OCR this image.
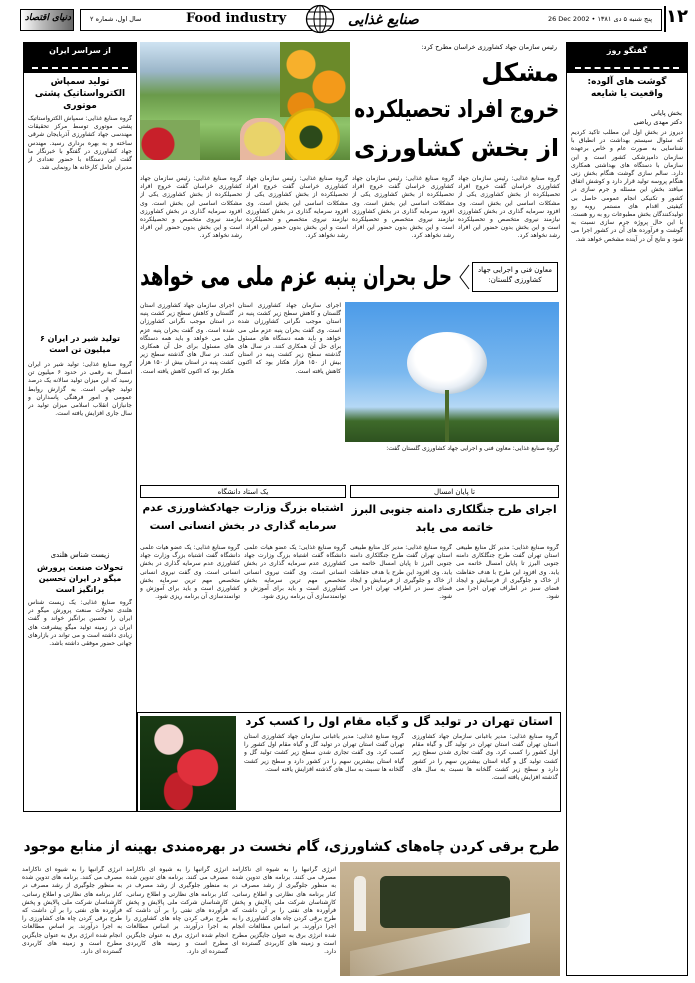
۱۲
26 Dec 2002 • ۱۳۸۱ پنج شنبه ۵ دی
صنایع غذایی
Food industry
سال اول، شماره ۲
دنیای اقتصاد
از سراسر ایران
تولید سمپاش الکترواستاتیک پشتی موتوری
گروه صنایع غذایی: سمپاش الکترواستاتیک پشتی موتوری توسط مرکز تحقیقات مهندسی جهاد کشاورزی آذربایجان شرقی ساخته و به بهره برداری رسید. مهندس جهاد کشاورزی در گفتگو با خبرنگار ما گفت این دستگاه با حضور تعدادی از مدیران عامل کارخانه ها رونمایی شد.
تولید شیر در ایران ۶ میلیون تن است
گروه صنایع غذایی: تولید شیر در ایران امسال به رقمی در حدود ۶ میلیون تن رسید که این میزان تولید سالانه یک درصد تولید جهانی است. به گزارش روابط عمومی و امور فرهنگی پاسداران و جانبازان انقلاب اسلامی میزان تولید در سال جاری افزایش یافته است.
زیست شناس هلندی
تحولات صنعت پرورش میگو در ایران تحسین برانگیز است
گروه صنایع غذایی: یک زیست شناس هلندی تحولات صنعت پرورش میگو در ایران را تحسین برانگیز خواند و گفت ایران در زمینه تولید میگو پیشرفت های زیادی داشته است و می تواند در بازارهای جهانی حضور موفقی داشته باشد.
گفتگو روز
گوشت های آلوده: واقعیت یا شایعه
بخش پایانی
دکتر مهدی ریاضی
دیروز در بخش اول این مطلب تاکید کردیم که سئوال سیستم بهداشت در انطباق با شناسایی به صورت عام و خاص برعهده سازمان دامپزشکی کشور است و این سازمان با دستگاه های بهداشتی همکاری دارد. سالم سازی گوشت هنگام بخش زنی هنگام پروسه تولید قرار دارد و کوشش اتفاق میافتد بخش این مسئله و جرم سازی در کشور و تکنیکی انجام عمومی حاصل بی کیفیتی اقدام های مستمر روبه رو تولیدکنندگان بخش مطبوعات رو به رو هست. با این حال پروژه جرم سازی نسبت به گوشت و فرآورده های آن در کشور اجرا می شود و نتایج آن در آینده مشخص خواهد شد.
رئیس سازمان جهاد کشاورزی خراسان مطرح کرد:
مشکل
خروج افراد تحصیلکرده
از بخش کشاورزی
گروه صنایع غذایی: رئیس سازمان جهاد کشاورزی خراسان گفت خروج افراد تحصیلکرده از بخش کشاورزی یکی از مشکلات اساسی این بخش است. وی افزود سرمایه گذاری در بخش کشاورزی نیازمند نیروی متخصص و تحصیلکرده است و این بخش بدون حضور این افراد رشد نخواهد کرد.
گروه صنایع غذایی: رئیس سازمان جهاد کشاورزی خراسان گفت خروج افراد تحصیلکرده از بخش کشاورزی یکی از مشکلات اساسی این بخش است. وی افزود سرمایه گذاری در بخش کشاورزی نیازمند نیروی متخصص و تحصیلکرده است و این بخش بدون حضور این افراد رشد نخواهد کرد.
گروه صنایع غذایی: رئیس سازمان جهاد کشاورزی خراسان گفت خروج افراد تحصیلکرده از بخش کشاورزی یکی از مشکلات اساسی این بخش است. وی افزود سرمایه گذاری در بخش کشاورزی نیازمند نیروی متخصص و تحصیلکرده است و این بخش بدون حضور این افراد رشد نخواهد کرد.
گروه صنایع غذایی: رئیس سازمان جهاد کشاورزی خراسان گفت خروج افراد تحصیلکرده از بخش کشاورزی یکی از مشکلات اساسی این بخش است. وی افزود سرمایه گذاری در بخش کشاورزی نیازمند نیروی متخصص و تحصیلکرده است و این بخش بدون حضور این افراد رشد نخواهد کرد.
معاون فنی و اجرایی جهاد کشاورزی گلستان:
حل بحران پنبه عزم ملی می خواهد
گروه صنایع غذایی: معاون فنی و اجرایی جهاد کشاورزی گلستان گفت:
اجرای سازمان جهاد کشاورزی استان گلستان و کاهش سطح زیر کشت پنبه در استان موجب نگرانی کشاورزان شده است. وی گفت بحران پنبه عزم ملی می خواهد و باید همه دستگاه های مسئول برای حل آن همکاری کنند. در سال های گذشته سطح زیر کشت پنبه در استان بیش از ۱۵۰ هزار هکتار بود که اکنون کاهش یافته است.
اجرای سازمان جهاد کشاورزی استان گلستان و کاهش سطح زیر کشت پنبه در استان موجب نگرانی کشاورزان شده است. وی گفت بحران پنبه عزم ملی می خواهد و باید همه دستگاه های مسئول برای حل آن همکاری کنند. در سال های گذشته سطح زیر کشت پنبه در استان بیش از ۱۵۰ هزار هکتار بود که اکنون کاهش یافته است.
تا پایان امسال
اجرای طرح جنگلکاری دامنه جنوبی البرز
خاتمه می یابد
گروه صنایع غذایی: مدیر کل منابع طبیعی استان تهران گفت طرح جنگلکاری دامنه جنوبی البرز تا پایان امسال خاتمه می یابد. وی افزود این طرح با هدف حفاظت از خاک و جلوگیری از فرسایش و ایجاد فضای سبز در اطراف تهران اجرا می شود.
گروه صنایع غذایی: مدیر کل منابع طبیعی استان تهران گفت طرح جنگلکاری دامنه جنوبی البرز تا پایان امسال خاتمه می یابد. وی افزود این طرح با هدف حفاظت از خاک و جلوگیری از فرسایش و ایجاد فضای سبز در اطراف تهران اجرا می شود.
یک استاد دانشگاه
اشتباه بزرگ وزارت جهادکشاورزی عدم
سرمایه گذاری در بخش انسانی است
گروه صنایع غذایی: یک عضو هیات علمی دانشگاه گفت اشتباه بزرگ وزارت جهاد کشاورزی عدم سرمایه گذاری در بخش انسانی است. وی گفت نیروی انسانی متخصص مهم ترین سرمایه بخش کشاورزی است و باید برای آموزش و توانمندسازی آن برنامه ریزی شود.
گروه صنایع غذایی: یک عضو هیات علمی دانشگاه گفت اشتباه بزرگ وزارت جهاد کشاورزی عدم سرمایه گذاری در بخش انسانی است. وی گفت نیروی انسانی متخصص مهم ترین سرمایه بخش کشاورزی است و باید برای آموزش و توانمندسازی آن برنامه ریزی شود.
استان تهران در تولید گل و گیاه مقام اول را کسب کرد
گروه صنایع غذایی: مدیر باغبانی سازمان جهاد کشاورزی استان تهران گفت استان تهران در تولید گل و گیاه مقام اول کشور را کسب کرد. وی گفت تجاری شدن سطح زیر کشت تولید گل و گیاه استان بیشترین سهم را در کشور دارد و سطح زیر کشت گلخانه ها نسبت به سال های گذشته افزایش یافته است.
گروه صنایع غذایی: مدیر باغبانی سازمان جهاد کشاورزی استان تهران گفت استان تهران در تولید گل و گیاه مقام اول کشور را کسب کرد. وی گفت تجاری شدن سطح زیر کشت تولید گل و گیاه استان بیشترین سهم را در کشور دارد و سطح زیر کشت گلخانه ها نسبت به سال های گذشته افزایش یافته است.
طرح برقی کردن چاه‌های کشاورزی، گام نخست در بهره‌مندی بهینه از منابع موجود
انرژی گرانبها را به شیوه ای ناکارآمد مصرف می کنند. برنامه های تدوین شده به منظور جلوگیری از رشد مصرف در کنار برنامه های نظارتی و اطلاع رسانی، کارشناسان شرکت ملی پالایش و پخش فرآورده های نفتی را بر آن داشت که طرح برقی کردن چاه های کشاورزی را به اجرا درآورند. بر اساس مطالعات انجام شده انرژی برق به عنوان جایگزین مطرح است و زمینه های کاربردی گسترده ای دارد.
انرژی گرانبها را به شیوه ای ناکارآمد مصرف می کنند. برنامه های تدوین شده به منظور جلوگیری از رشد مصرف در کنار برنامه های نظارتی و اطلاع رسانی، کارشناسان شرکت ملی پالایش و پخش فرآورده های نفتی را بر آن داشت که طرح برقی کردن چاه های کشاورزی را به اجرا درآورند. بر اساس مطالعات انجام شده انرژی برق به عنوان جایگزین مطرح است و زمینه های کاربردی گسترده ای دارد.
انرژی گرانبها را به شیوه ای ناکارآمد مصرف می کنند. برنامه های تدوین شده به منظور جلوگیری از رشد مصرف در کنار برنامه های نظارتی و اطلاع رسانی، کارشناسان شرکت ملی پالایش و پخش فرآورده های نفتی را بر آن داشت که طرح برقی کردن چاه های کشاورزی را به اجرا درآورند. بر اساس مطالعات انجام شده انرژی برق به عنوان جایگزین مطرح است و زمینه های کاربردی گسترده ای دارد.
